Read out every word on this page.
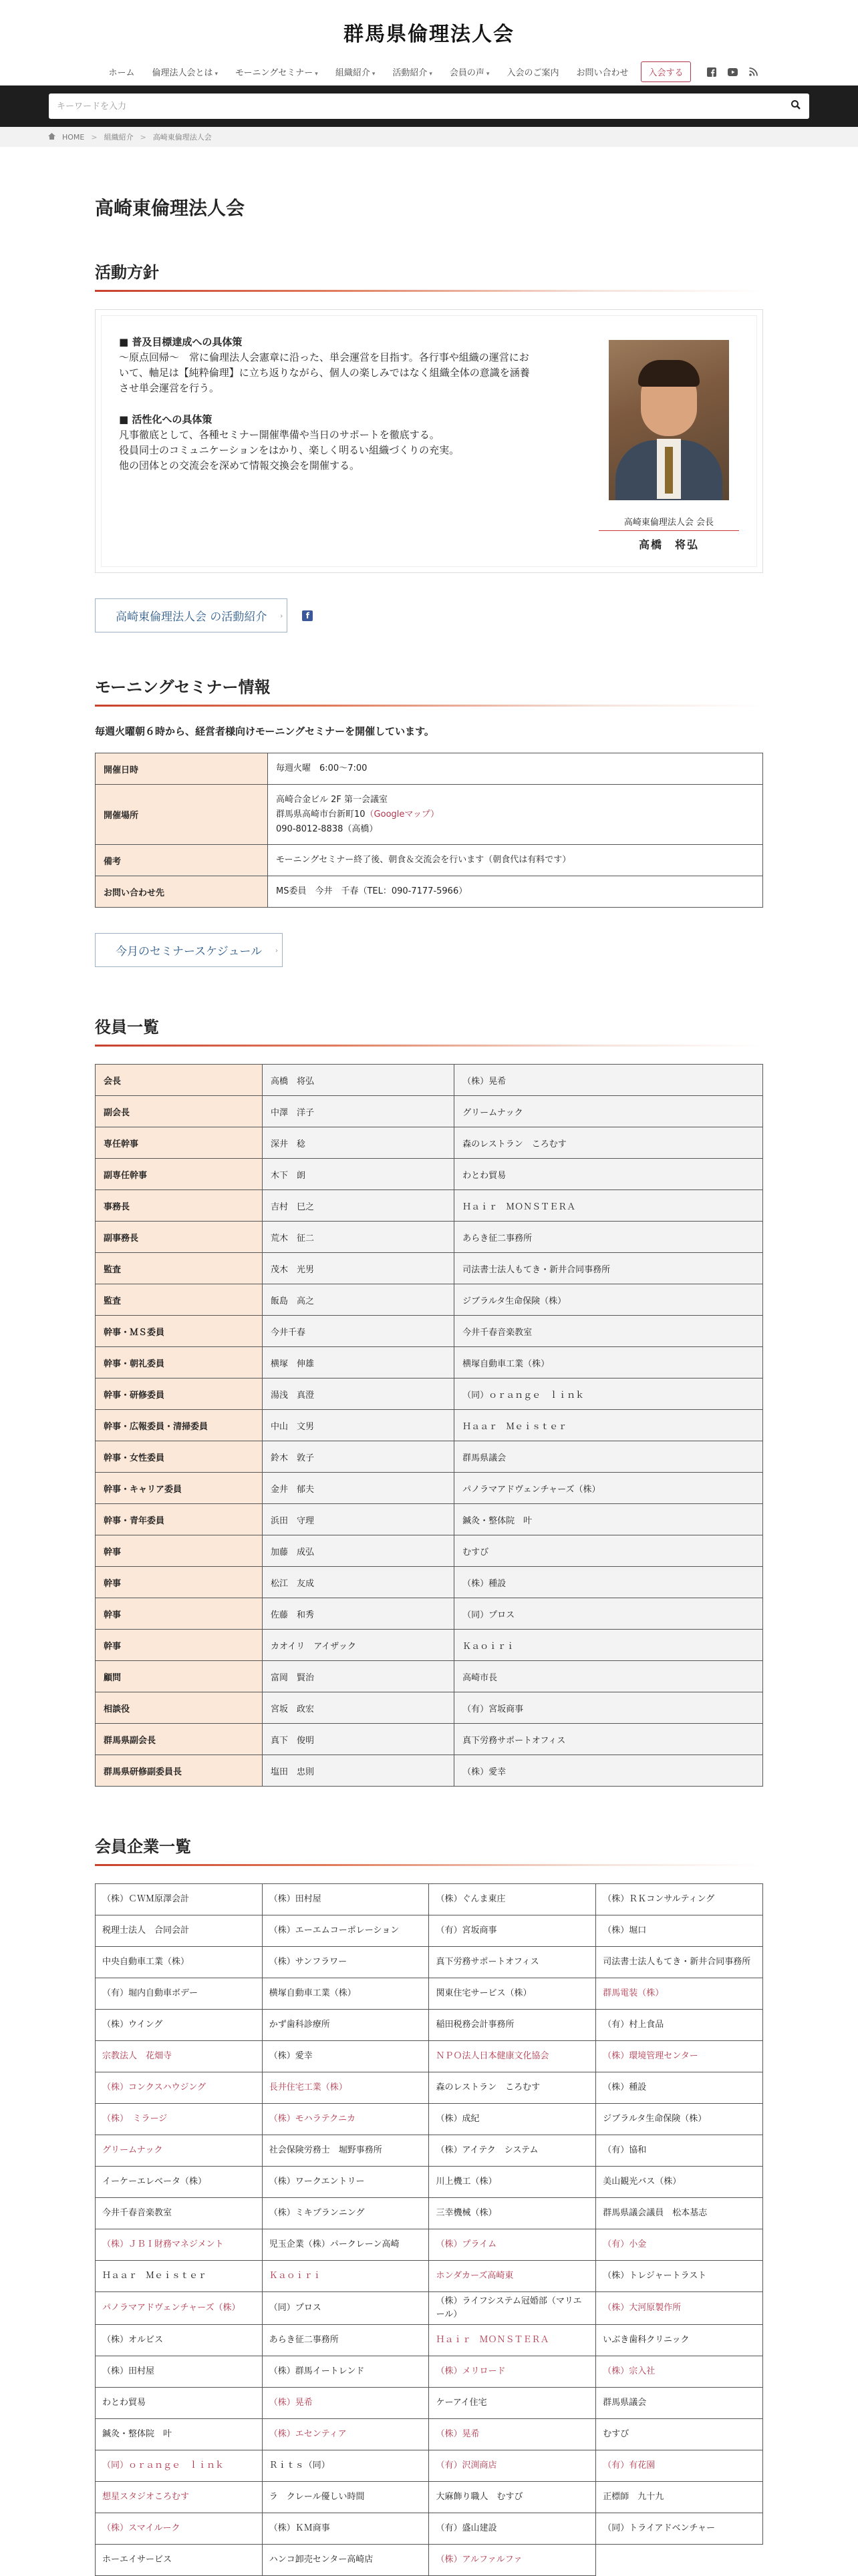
群馬県倫理法人会
ホーム	倫理法人会とは ▾	モーニングセミナー ▾	組織紹介 ▾	活動紹介 ▾	会員の声 ▾	入会のご案内	お問い合わせ	入会する
キーワードを入力
HOME > 組織紹介 > 高崎東倫理法人会
高崎東倫理法人会
活動方針
■ 普及目標達成への具体策
〜原点回帰〜　常に倫理法人会憲章に沿った、単会運営を目指す。各行事や組織の運営にお
いて、軸足は【純粋倫理】に立ち返りながら、個人の楽しみではなく組織全体の意識を涵養
させ単会運営を行う。
■ 活性化への具体策
凡事徹底として、各種セミナー開催準備や当日のサポートを徹底する。
役員同士のコミュニケーションをはかり、楽しく明るい組織づくりの充実。
他の団体との交流会を深めて情報交換会を開催する。
高崎東倫理法人会 会長
高橋　将弘
高崎東倫理法人会 の活動紹介 ›	f
モーニングセミナー情報

毎週火曜朝６時から、経営者様向けモーニングセミナーを開催しています。

開催日時	毎週火曜　6:00～7:00

開催場所	高崎合金ビル 2F 第一会議室
群馬県高崎市台新町10（Googleマップ）
090-8012-8838（高橋）

備考	モーニングセミナー終了後、朝食＆交流会を行います（朝食代は有料です）

お問い合わせ先	MS委員　今井　千春（TEL：090-7177-5966）
今月のセミナースケジュール ›
役員一覧
会長	高橋　将弘	（株）晃希
副会長	中澤　洋子	グリームナック
専任幹事	深井　稔	森のレストラン　ころむす
副専任幹事	木下　朗	わとわ貿易
事務長	吉村　巳之	Ｈａｉｒ　ＭＯＮＳＴＥＲＡ
副事務長	荒木　征二	あらき征二事務所
監査	茂木　光男	司法書士法人もてき・新井合同事務所
監査	飯島　高之	ジブラルタ生命保険（株）
幹事・ＭＳ委員	今井千春	今井千春音楽教室
幹事・朝礼委員	横塚　伸雄	横塚自動車工業（株）
幹事・研修委員	湯浅　真澄	（同）ｏｒａｎｇｅ　ｌｉｎｋ
幹事・広報委員・清掃委員	中山　文男	Ｈａａｒ　Ｍｅｉｓｔｅｒ
幹事・女性委員	鈴木　敦子	群馬県議会
幹事・キャリア委員	金井　郁夫	パノラマアドヴェンチャーズ（株）
幹事・青年委員	浜田　守理	鍼灸・整体院　叶
幹事	加藤　成弘	むすび
幹事	松江　友成	（株）種設
幹事	佐藤　和秀	（同）プロス
幹事	カオイリ　アイザック	Ｋａｏｉｒｉ
顧問	富岡　賢治	高崎市長
相談役	宮坂　政宏	（有）宮坂商事
群馬県副会長	真下　俊明	真下労務サポートオフィス
群馬県研修副委員長	塩田　忠則	（株）愛幸
会員企業一覧
（株）ＣＷＭ原澤会計	（株）田村屋	（株）ぐんま東庄	（株）ＲＫコンサルティング
税理士法人　合同会計	（株）エーエムコーポレーション	（有）宮坂商事	（株）堀口
中央自動車工業（株）	（株）サンフラワー	真下労務サポートオフィス	司法書士法人もてき・新井合同事務所
（有）堀内自動車ボデー	横塚自動車工業（株）	関東住宅サービス（株）	群馬電装（株）
（株）ウイング	かず歯科診療所	稲田税務会計事務所	（有）村上食品
宗教法人　花畑寺	（株）愛幸	ＮＰＯ法人日本健康文化協会	（株）環境管理センター
（株）コンクスハウジング	長井住宅工業（株）	森のレストラン　ころむす	（株）種設
（株）　ミラージ	（株）モハラテクニカ	（株）成紀	ジブラルタ生命保険（株）
グリームナック	社会保険労務士　堀野事務所	（株）アイテク　システム	（有）協和
イーケーエレベータ（株）	（株）ワークエントリー	川上機工（株）	美山観光バス（株）
今井千春音楽教室	（株）ミキプランニング	三幸機械（株）	群馬県議会議員　松本基志
（株）ＪＢＩ財務マネジメント	児玉企業（株）パークレーン高崎	（株）プライム	（有）小金
Ｈａａｒ　Ｍｅｉｓｔｅｒ	Ｋａｏｉｒｉ	ホンダカーズ高崎東	（株）トレジャートラスト
パノラマアドヴェンチャーズ（株）	（同）プロス	（株）ライフシステム冠婚部（マリエール）	（株）大河原製作所
（株）オルビス	あらき征二事務所	Ｈａｉｒ　ＭＯＮＳＴＥＲＡ	いぶき歯科クリニック
（株）田村屋	（株）群馬イートレンド	（株）メリロード	（株）宗入社
わとわ貿易	（株）晃希	ケーアイ住宅	群馬県議会
鍼灸・整体院　叶	（株）エセンティア	（株）晃希	むすび
（同）ｏｒａｎｇｅ　ｌｉｎｋ	Ｒｉｔｓ（同）	（有）沢渕商店	（有）有花園
想星スタジオころむす	ラ　クレール優しい時間	大麻飾り職人　むすび	正標師　九十九
（株）スマイルーク	（株）ＫＭ商事	（有）盛山建設	（同）トライアドベンチャー
ホーエイサービス	ハンコ卸売センター高崎店	（株）アルファルファ	
